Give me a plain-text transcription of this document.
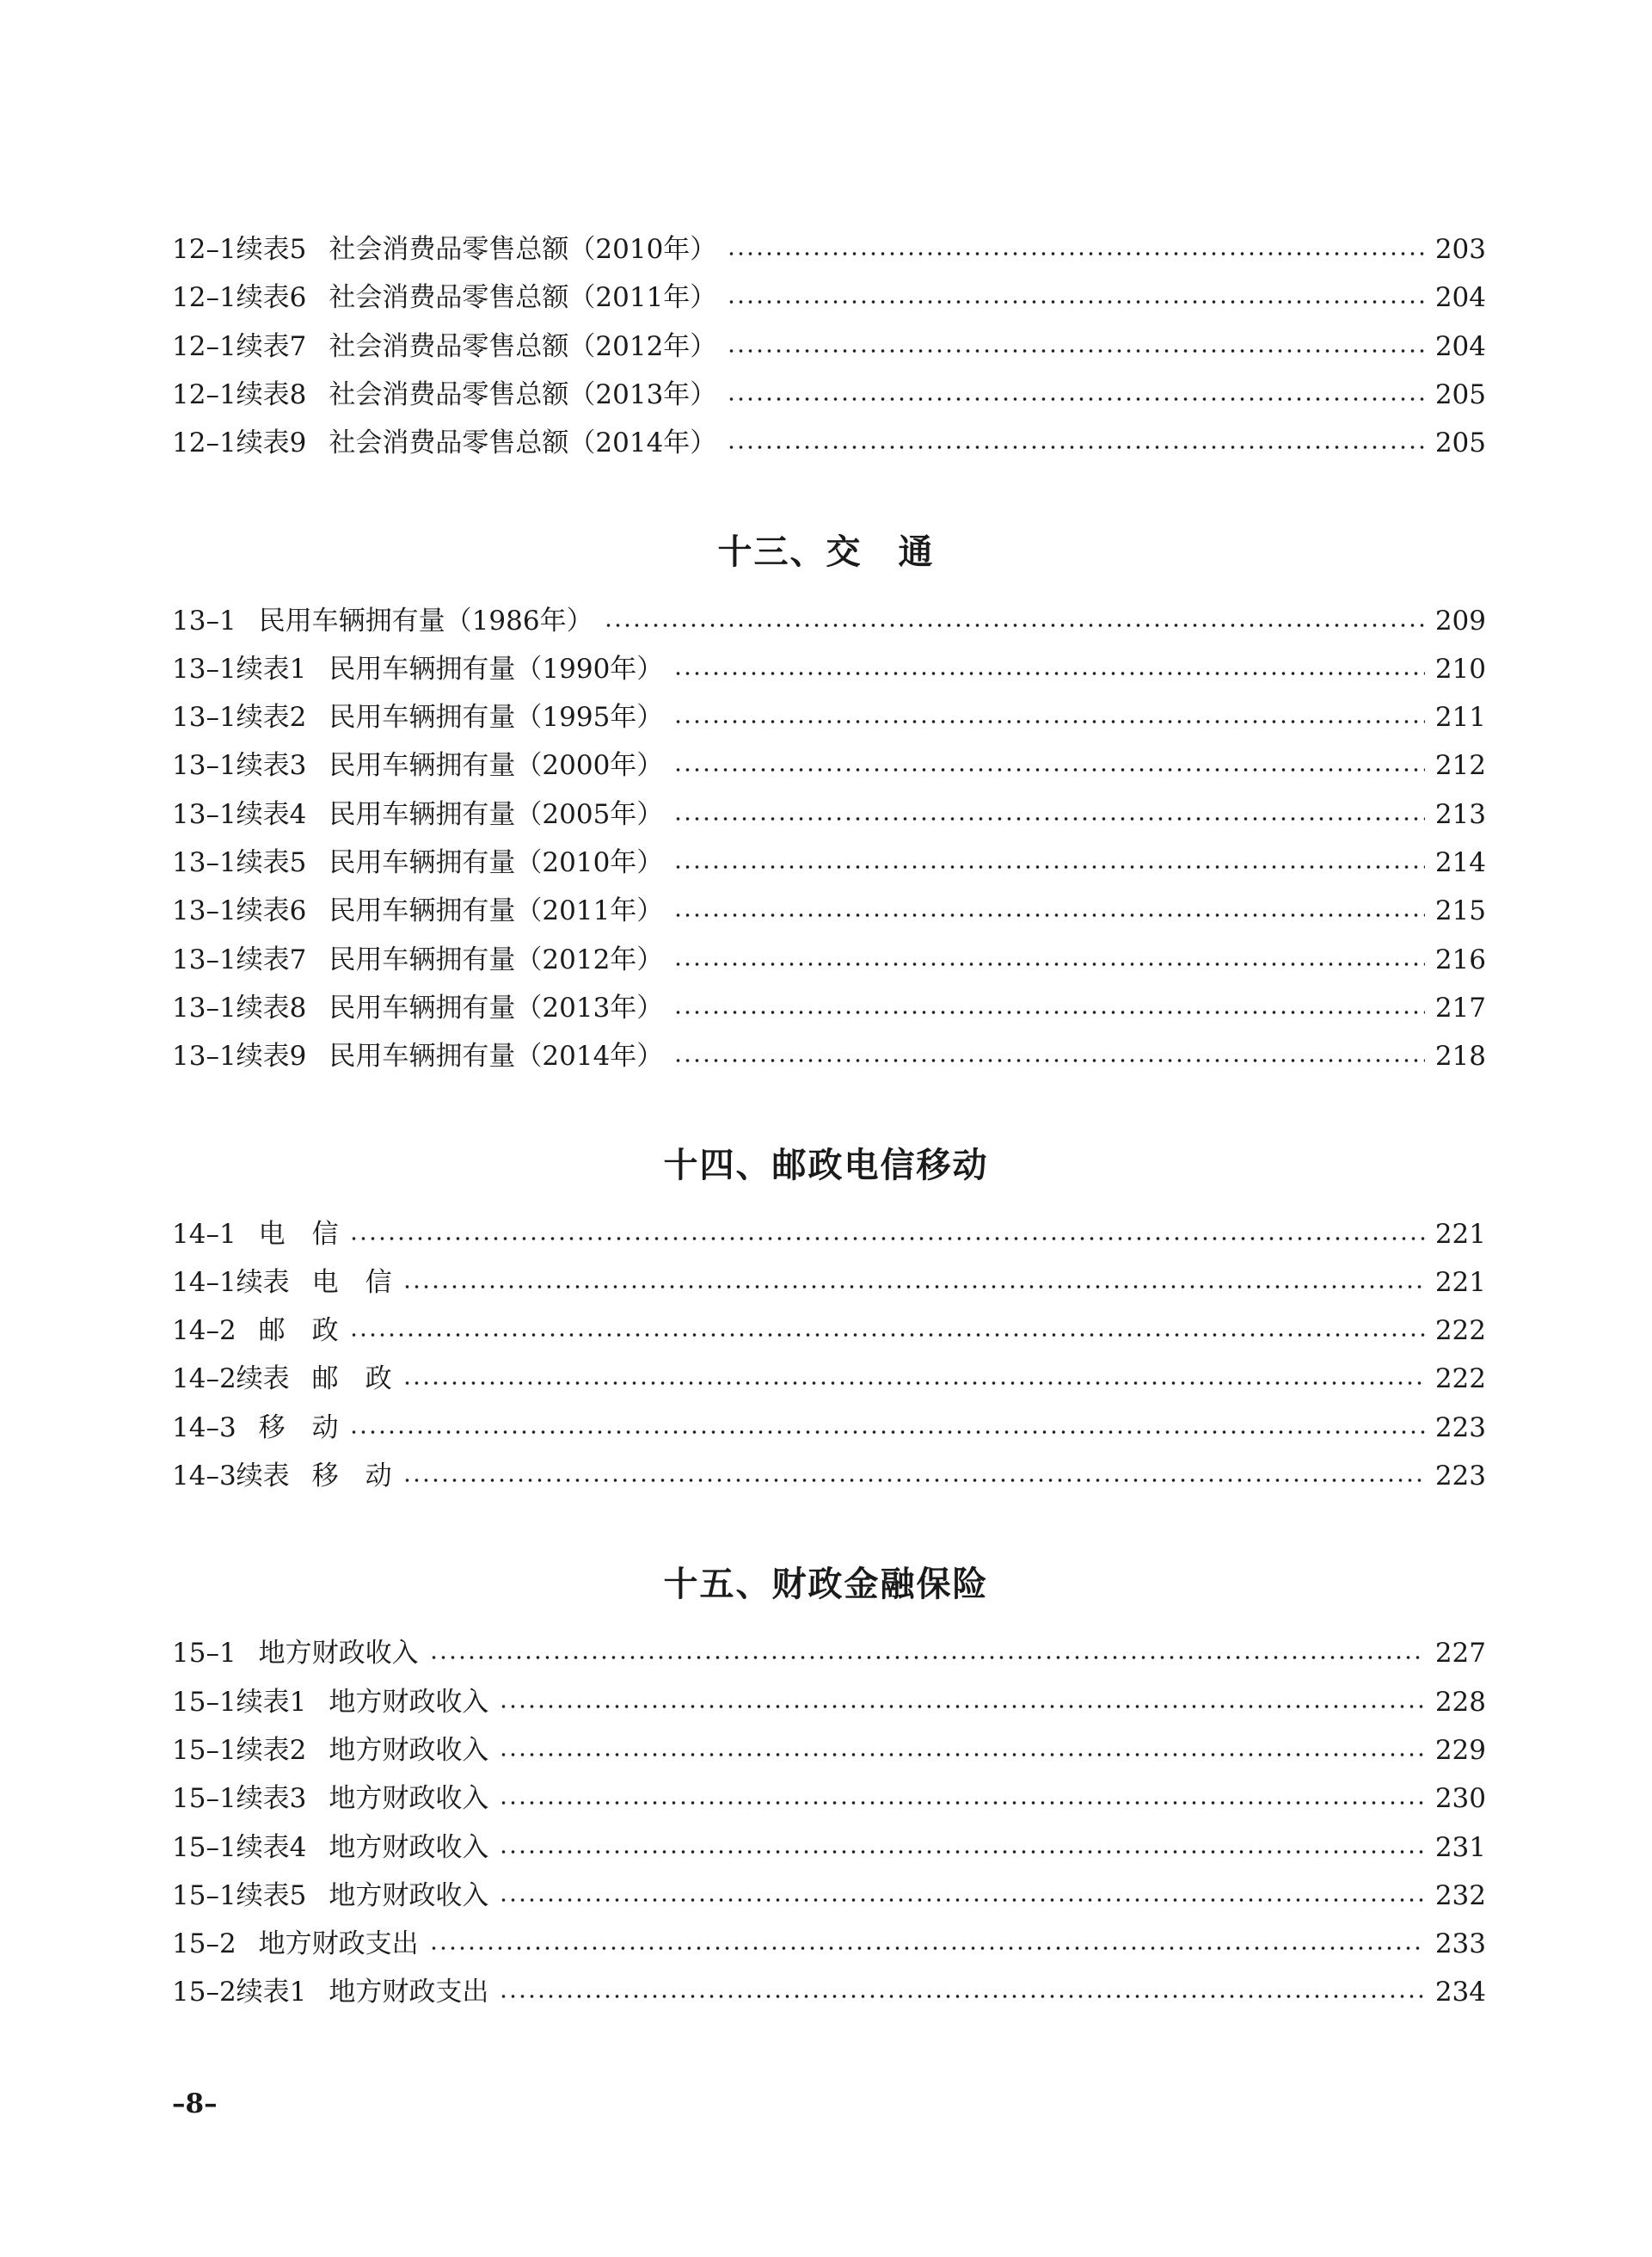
12–1续表5 社会消费品零售总额（2010年）	203
12–1续表6 社会消费品零售总额（2011年）	204
12–1续表7 社会消费品零售总额（2012年）	204
12–1续表8 社会消费品零售总额（2013年）	205
12–1续表9 社会消费品零售总额（2014年）	205
十三、交　通
13–1 民用车辆拥有量（1986年）	209
13–1续表1 民用车辆拥有量（1990年）	210
13–1续表2 民用车辆拥有量（1995年）	211
13–1续表3 民用车辆拥有量（2000年）	212
13–1续表4 民用车辆拥有量（2005年）	213
13–1续表5 民用车辆拥有量（2010年）	214
13–1续表6 民用车辆拥有量（2011年）	215
13–1续表7 民用车辆拥有量（2012年）	216
13–1续表8 民用车辆拥有量（2013年）	217
13–1续表9 民用车辆拥有量（2014年）	218
十四、邮政电信移动
14–1 电　信	221
14–1续表 电　信	221
14–2 邮　政	222
14–2续表 邮　政	222
14–3 移　动	223
14–3续表 移　动	223
十五、财政金融保险
15–1 地方财政收入	227
15–1续表1 地方财政收入	228
15–1续表2 地方财政收入	229
15–1续表3 地方财政收入	230
15–1续表4 地方财政收入	231
15–1续表5 地方财政收入	232
15–2 地方财政支出	233
15–2续表1 地方财政支出	234
–8–
